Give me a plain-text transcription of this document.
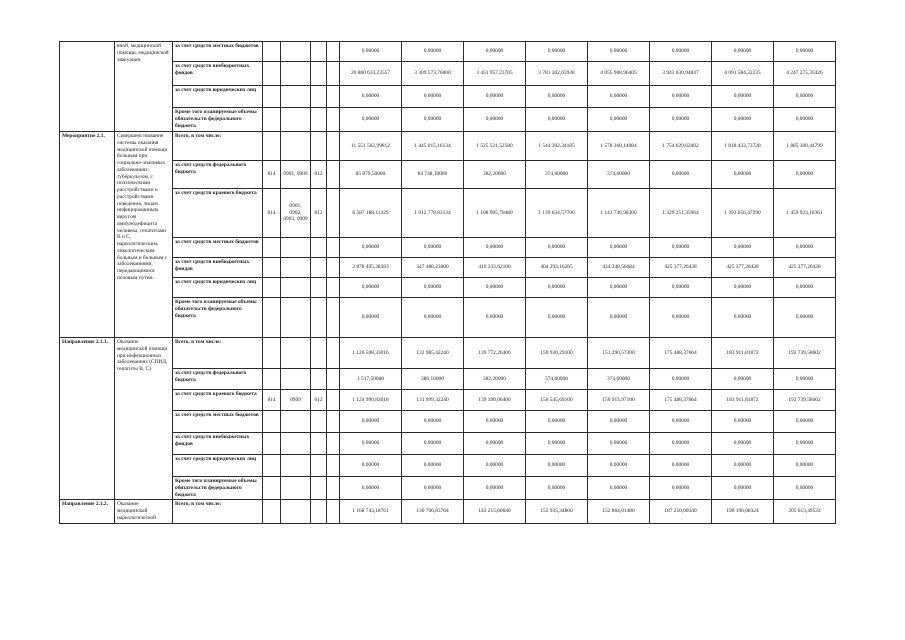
	вной, медицинской помощи, медицинской эвакуации	за счет средств местных бюджетов					0,00000	0,00000	0,00000	0,00000	0,00000	0,00000	0,00000	0,00000
		за счет средств внебюджетных фондов					26 880 633,23557	3 309 573,76000	3 451 957,23705	3 781 302,65938	4 055 908,96405	3 943 030,94847	4 091 584,32235	4 247 275,35426
		за счет средств юридических лиц					0,00000	0,00000	0,00000	0,00000	0,00000	0,00000	0,00000	0,00000
		Кроме того планируемые объемы обязательств федерального бюджета					0,00000	0,00000	0,00000	0,00000	0,00000	0,00000	0,00000	0,00000
Мероприятие 2.1.	Совершенствование системы оказания медицинской помощи больным при социально-значимых заболеваниях: туберкулезом, с психическими расстройствами и расстройствами поведения, лицам инфицированным вирусом иммунодефицита человека, гепатитами В и С, наркологическим, онкологическим больным и больным с заболеваниями, передающимися половым путем.	Всего, в том числе:					11 551 562,99812	1 445 015,16134	1 525 521,52580	1 544 302,34185	1 578 360,14984	1 754 629,62402	1 818 433,73728	1 885 300,44799
		за счет средств федерального бюджета	814	0901, 0909	012		85 879,50000	84 748,10000	382,20000	374,60000	374,60000	0,00000	0,00000	0,00000
		за счет средств краевого бюджета	814	0901, 0902, 0903, 0909	012		8 587 188,11429	1 012 778,83134	1 108 905,70480	1 139 634,57700	1 143 736,98300	1 329 251,35964	1 393 056,47290	1 459 923,18361
		за счет средств местных бюджетов					0,00000	0,00000	0,00000	0,00000	0,00000	0,00000	0,00000	0,00000
		за счет средств внебюджетных фондов					2 878 495,38383	347 488,23000	416 333,62100	404 293,16285	434 248,56684	425 377,26438	425 377,26438	425 377,26438
		за счет средств юридических лиц					0,00000	0,00000	0,00000	0,00000	0,00000	0,00000	0,00000	0,00000
		Кроме того планируемые объемы обязательств федерального бюджета					0,00000	0,00000	0,00000	0,00000	0,00000	0,00000	0,00000	0,00000
Направление 2.1.1.	Оказание медицинской помощи при инфекционных заболеваниях (СПИД, гепатиты В, С)	Всего, в том числе:					1 126 508,33016	132 985,42240	139 772,26400	150 930,29100	151 290,57300	175 488,37664	183 911,81872	192 739,58602
		за счет средств федерального бюджета					1 517,50000	386,10000	382,20000	374,60000	374,60000	0,00000	0,00000	0,00000
		за счет средств краевого бюджета	814	0909	012		1 124 990,83018	131 999,32240	139 390,06400	150 545,69100	150 915,97100	175 488,37664	183 911,81872	192 739,58602
		за счет средств местных бюджетов					0,00000	0,00000	0,00000	0,00000	0,00000	0,00000	0,00000	0,00000
		за счет средств внебюджетных фондов					0,00000	0,00000	0,00000	0,00000	0,00000	0,00000	0,00000	0,00000
		за счет средств юридических лиц					0,00000	0,00000	0,00000	0,00000	0,00000	0,00000	0,00000	0,00000
		Кроме того планируемые объемы обязательств федерального бюджета					0,00000	0,00000	0,00000	0,00000	0,00000	0,00000	0,00000	0,00000
Направление 2.1.2.	Оказание медицинской наркологической	Всего, в том числе:					1 168 743,18761	130 706,83764	143 215,60640	152 935,34800	152 864,01400	187 210,00340	196 196,08324	205 613,49524
